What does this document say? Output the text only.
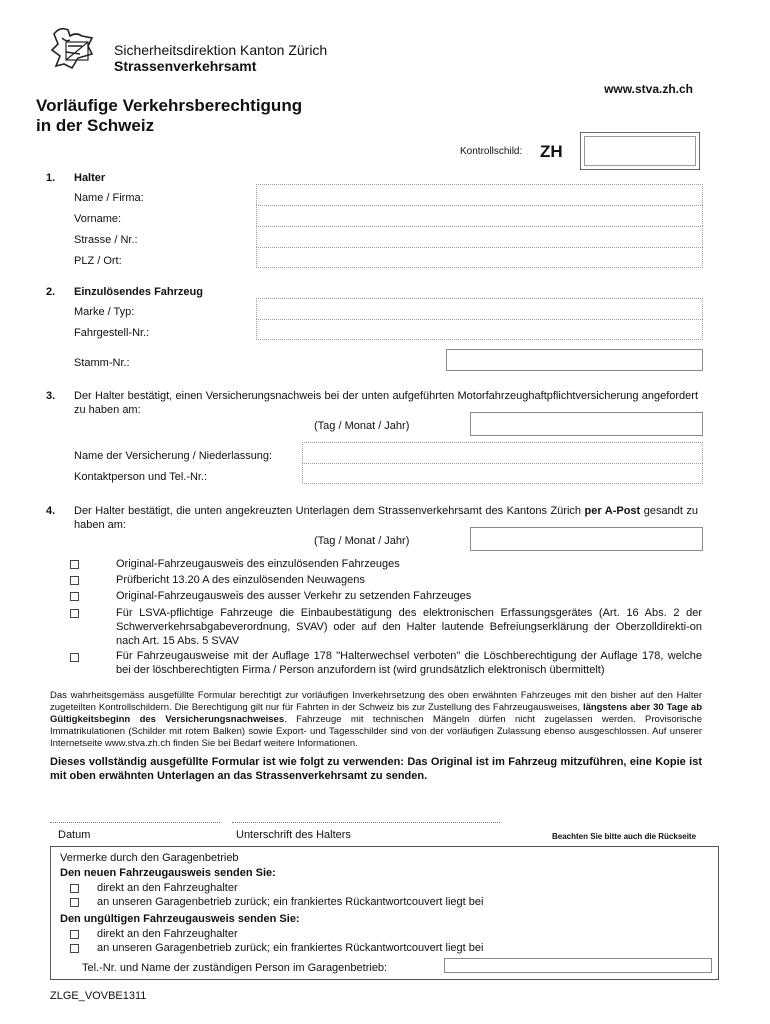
Sicherheitsdirektion Kanton Zürich
Strassenverkehrsamt
www.stva.zh.ch
Vorläufige Verkehrsberechtigung
in der Schweiz
Kontrollschild: ZH
1. Halter
Name / Firma:
Vorname:
Strasse / Nr.:
PLZ / Ort:
2. Einzulösendes Fahrzeug
Marke / Typ:
Fahrgestell-Nr.:
Stamm-Nr.:
3. Der Halter bestätigt, einen Versicherungsnachweis bei der unten aufgeführten Motorfahrzeughaftpflichtversicherung angefordert zu haben am:
(Tag / Monat / Jahr)
Name der Versicherung / Niederlassung:
Kontaktperson und Tel.-Nr.:
4. Der Halter bestätigt, die unten angekreuzten Unterlagen dem Strassenverkehrsamt des Kantons Zürich per A-Post gesandt zu haben am:
(Tag / Monat / Jahr)
Original-Fahrzeugausweis des einzulösenden Fahrzeuges
Prüfbericht 13.20 A des einzulösenden Neuwagens
Original-Fahrzeugausweis des ausser Verkehr zu setzenden Fahrzeuges
Für LSVA-pflichtige Fahrzeuge die Einbaubestätigung des elektronischen Erfassungsgerätes (Art. 16 Abs. 2 der Schwerverkehrsabgabeverordnung, SVAV) oder auf den Halter lautende Befreiungserklärung der Oberzolldirekti-on nach Art. 15 Abs. 5 SVAV
Für Fahrzeugausweise mit der Auflage 178 "Halterwechsel verboten" die Löschberechtigung der Auflage 178, welche bei der löschberechtigten Firma / Person anzufordern ist (wird grundsätzlich elektronisch übermittelt)
Das wahrheitsgemäss ausgefüllte Formular berechtigt zur vorläufigen Inverkehrsetzung des oben erwähnten Fahrzeuges mit den bisher auf den Halter zugeteilten Kontrollschildern. Die Berechtigung gilt nur für Fahrten in der Schweiz bis zur Zustellung des Fahrzeugausweises, längstens aber 30 Tage ab Gültigkeitsbeginn des Versicherungsnachweises. Fahrzeuge mit technischen Mängeln dürfen nicht zugelassen werden. Provisorische Immatrikulationen (Schilder mit rotem Balken) sowie Export- und Tagesschilder sind von der vorläufigen Zulassung ebenso ausgeschlossen. Auf unserer Internetseite www.stva.zh.ch finden Sie bei Bedarf weitere Informationen.
Dieses vollständig ausgefüllte Formular ist wie folgt zu verwenden: Das Original ist im Fahrzeug mitzuführen, eine Kopie ist mit oben erwähnten Unterlagen an das Strassenverkehrsamt zu senden.
Datum	Unterschrift des Halters	Beachten Sie bitte auch die Rückseite
Vermerke durch den Garagenbetrieb
Den neuen Fahrzeugausweis senden Sie:
direkt an den Fahrzeughalter
an unseren Garagenbetrieb zurück; ein frankiertes Rückantwortcouvert liegt bei
Den ungültigen Fahrzeugausweis senden Sie:
direkt an den Fahrzeughalter
an unseren Garagenbetrieb zurück; ein frankiertes Rückantwortcouvert liegt bei
Tel.-Nr. und Name der zuständigen Person im Garagenbetrieb:
ZLGE_VOVBE1311
